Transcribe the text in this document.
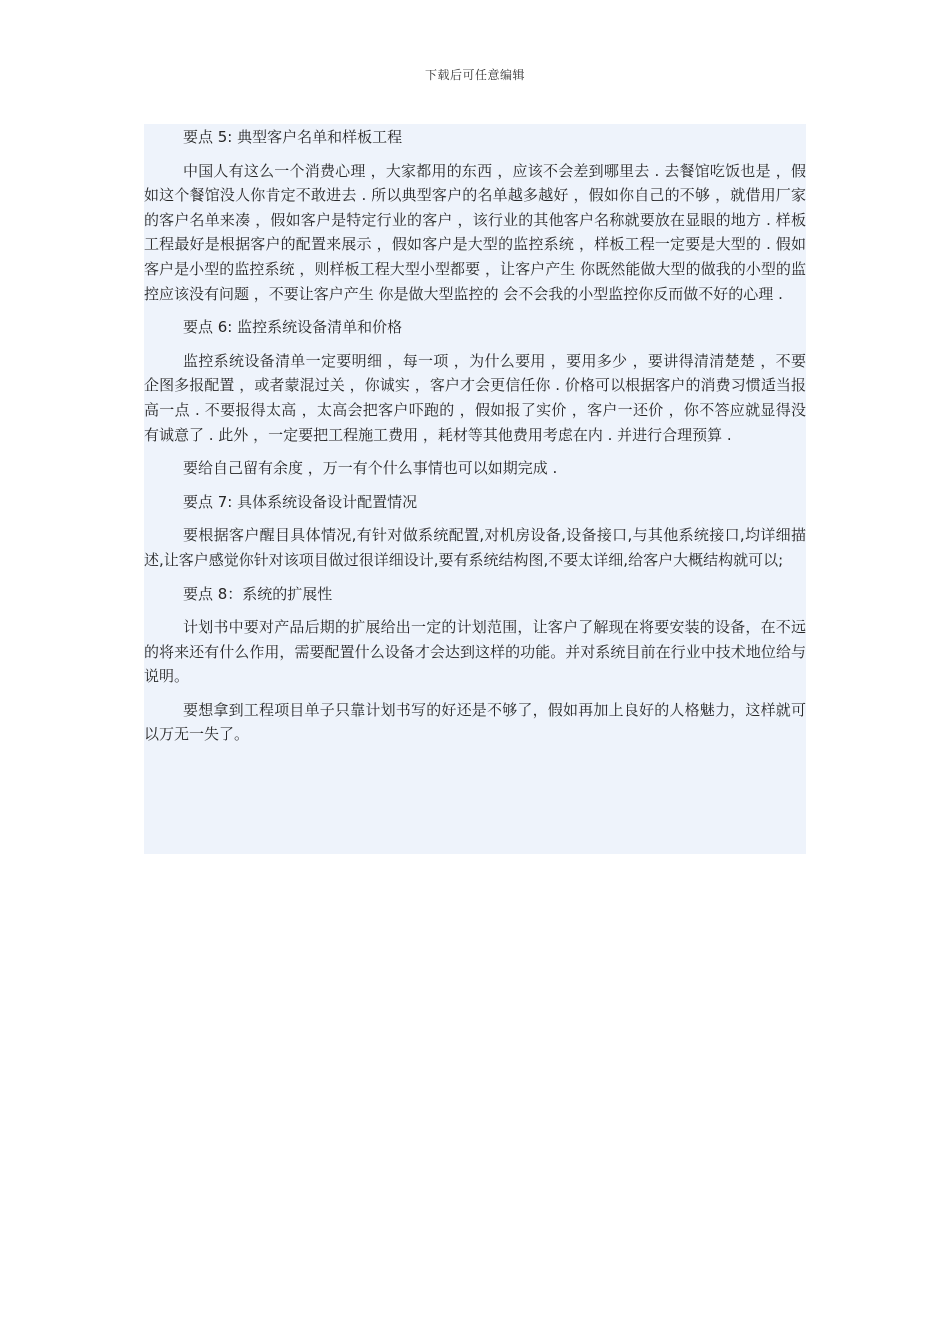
下载后可任意编辑

要点 5: 典型客户名单和样板工程

中国人有这么一个消费心理 ，大家都用的东西 ，应该不会差到哪里去 . 去餐馆吃饭也是 ，假如这个餐馆没人你肯定不敢进去 . 所以典型客户的名单越多越好 ，假如你自己的不够 ，就借用厂家的客户名单来凑 ，假如客户是特定行业的客户 ，该行业的其他客户名称就要放在显眼的地方 . 样板工程最好是根据客户的配置来展示 ，假如客户是大型的监控系统 ，样板工程一定要是大型的 . 假如客户是小型的监控系统 ，则样板工程大型小型都要 ，让客户产生 你既然能做大型的做我的小型的监控应该没有问题 ，不要让客户产生 你是做大型监控的 会不会我的小型监控你反而做不好的心理 .

要点 6: 监控系统设备清单和价格

监控系统设备清单一定要明细 ，每一项 ，为什么要用 ，要用多少 ，要讲得清清楚楚 ，不要企图多报配置 ，或者蒙混过关 ，你诚实 ，客户才会更信任你 . 价格可以根据客户的消费习惯适当报高一点 . 不要报得太高 ，太高会把客户吓跑的 ，假如报了实价 ，客户一还价 ，你不答应就显得没有诚意了 . 此外 ，一定要把工程施工费用 ，耗材等其他费用考虑在内 . 并进行合理预算 .

要给自己留有余度 ，万一有个什么事情也可以如期完成 .

要点 7: 具体系统设备设计配置情况

要根据客户醒目具体情况,有针对做系统配置,对机房设备,设备接口,与其他系统接口,均详细描述,让客户感觉你针对该项目做过很详细设计,要有系统结构图,不要太详细,给客户大概结构就可以;

要点 8：系统的扩展性

计划书中要对产品后期的扩展给出一定的计划范围，让客户了解现在将要安装的设备，在不远的将来还有什么作用，需要配置什么设备才会达到这样的功能。并对系统目前在行业中技术地位给与说明。

要想拿到工程项目单子只靠计划书写的好还是不够了，假如再加上良好的人格魅力，这样就可以万无一失了。
